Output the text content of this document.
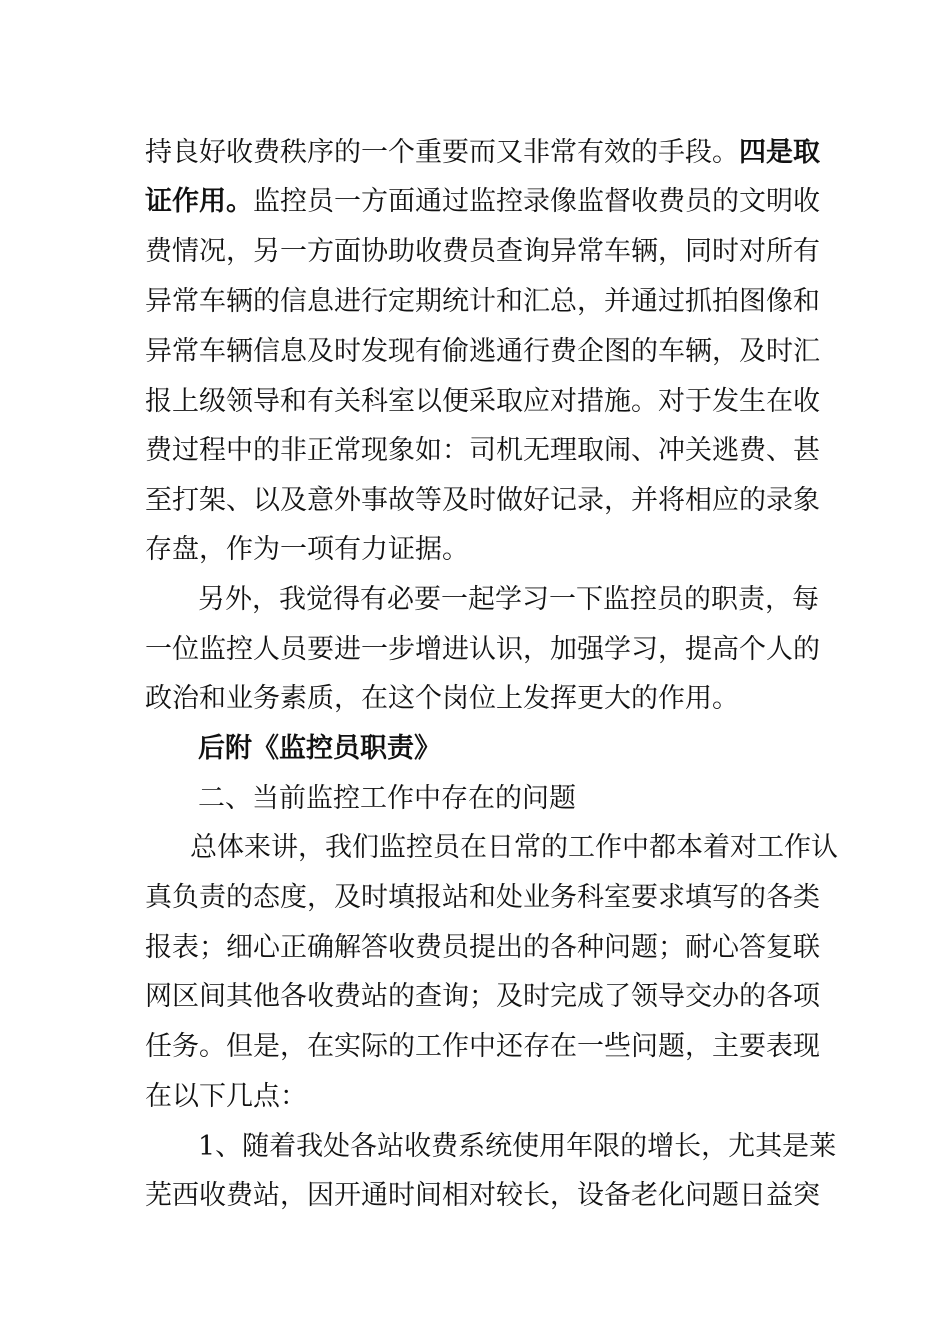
持良好收费秩序的一个重要而又非常有效的手段。四是取
证作用。监控员一方面通过监控录像监督收费员的文明收
费情况，另一方面协助收费员查询异常车辆，同时对所有
异常车辆的信息进行定期统计和汇总，并通过抓拍图像和
异常车辆信息及时发现有偷逃通行费企图的车辆，及时汇
报上级领导和有关科室以便采取应对措施。对于发生在收
费过程中的非正常现象如：司机无理取闹、冲关逃费、甚
至打架、以及意外事故等及时做好记录，并将相应的录象
存盘，作为一项有力证据。
另外，我觉得有必要一起学习一下监控员的职责，每
一位监控人员要进一步增进认识，加强学习，提高个人的
政治和业务素质，在这个岗位上发挥更大的作用。
后附《监控员职责》
二、当前监控工作中存在的问题
总体来讲，我们监控员在日常的工作中都本着对工作认
真负责的态度，及时填报站和处业务科室要求填写的各类
报表；细心正确解答收费员提出的各种问题；耐心答复联
网区间其他各收费站的查询；及时完成了领导交办的各项
任务。但是，在实际的工作中还存在一些问题，主要表现
在以下几点：
1、随着我处各站收费系统使用年限的增长，尤其是莱
芜西收费站，因开通时间相对较长，设备老化问题日益突
